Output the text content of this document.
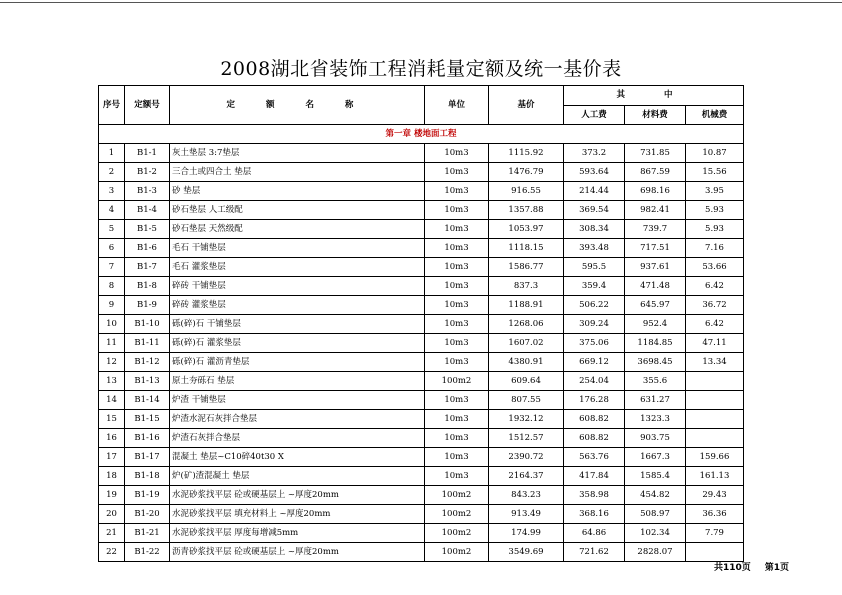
2008湖北省装饰工程消耗量定额及统一基价表
序号	定额号	定 额 名 称	单位	基价	其 中		
					人工费	材料费	机械费
第一章 楼地面工程							
1	B1-1	灰土垫层 3:7垫层	10m3	1115.92	373.2	731.85	10.87
2	B1-2	三合土或四合土 垫层	10m3	1476.79	593.64	867.59	15.56
3	B1-3	砂 垫层	10m3	916.55	214.44	698.16	3.95
4	B1-4	砂石垫层 人工级配	10m3	1357.88	369.54	982.41	5.93
5	B1-5	砂石垫层 天然级配	10m3	1053.97	308.34	739.7	5.93
6	B1-6	毛石 干铺垫层	10m3	1118.15	393.48	717.51	7.16
7	B1-7	毛石 灌浆垫层	10m3	1586.77	595.5	937.61	53.66
8	B1-8	碎砖 干铺垫层	10m3	837.3	359.4	471.48	6.42
9	B1-9	碎砖 灌浆垫层	10m3	1188.91	506.22	645.97	36.72
10	B1-10	砾(碎)石 干铺垫层	10m3	1268.06	309.24	952.4	6.42
11	B1-11	砾(碎)石 灌浆垫层	10m3	1607.02	375.06	1184.85	47.11
12	B1-12	砾(碎)石 灌沥青垫层	10m3	4380.91	669.12	3698.45	13.34
13	B1-13	原土夯砾石 垫层	100m2	609.64	254.04	355.6	
14	B1-14	炉渣 干铺垫层	10m3	807.55	176.28	631.27	
15	B1-15	炉渣水泥石灰拌合垫层	10m3	1932.12	608.82	1323.3	
16	B1-16	炉渣石灰拌合垫层	10m3	1512.57	608.82	903.75	
17	B1-17	混凝土 垫层~C10碎40t30 X	10m3	2390.72	563.76	1667.3	159.66
18	B1-18	炉(矿)渣混凝土 垫层	10m3	2164.37	417.84	1585.4	161.13
19	B1-19	水泥砂浆找平层 砼或硬基层上 ~厚度20mm	100m2	843.23	358.98	454.82	29.43
20	B1-20	水泥砂浆找平层 填充材料上 ~厚度20mm	100m2	913.49	368.16	508.97	36.36
21	B1-21	水泥砂浆找平层 厚度每增减5mm	100m2	174.99	64.86	102.34	7.79
22	B1-22	沥青砂浆找平层 砼或硬基层上 ~厚度20mm	100m2	3549.69	721.62	2828.07	
共110页 第1页
